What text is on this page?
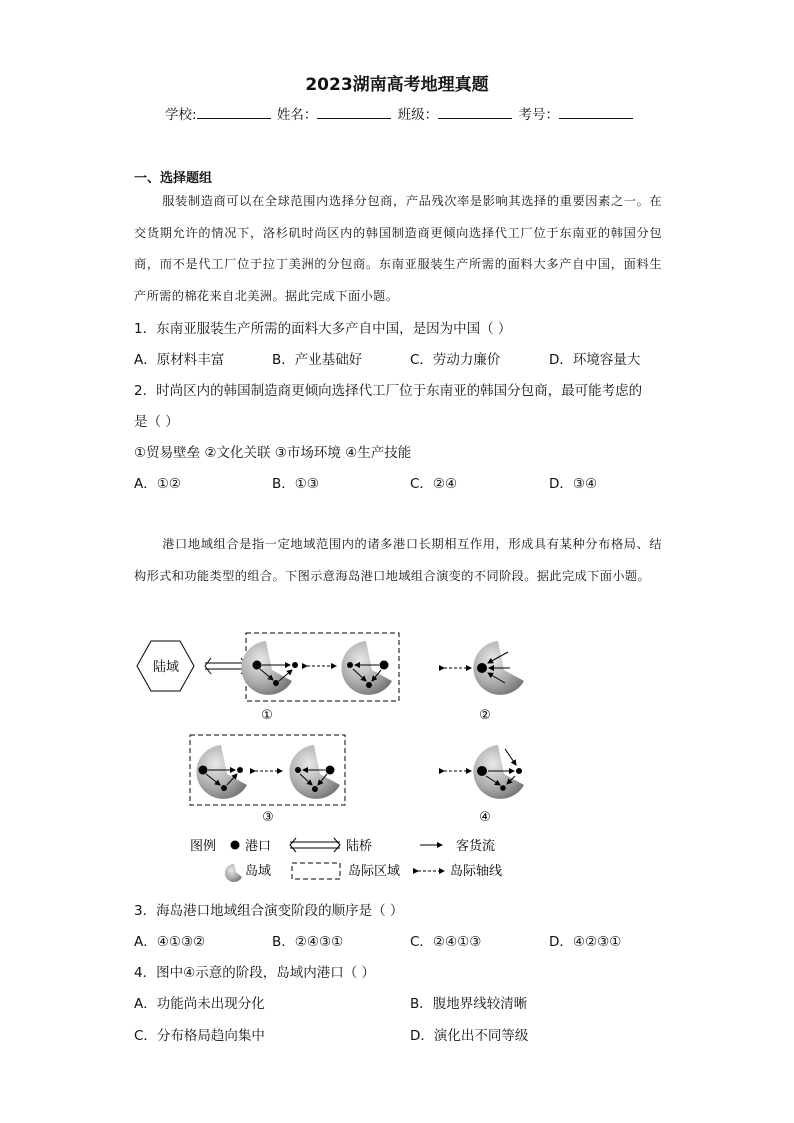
2023湖南高考地理真题
学校:	姓名：	班级：	考号：
一、选择题组
服装制造商可以在全球范围内选择分包商，产品残次率是影响其选择的重要因素之一。在交货期允许的情况下，洛杉矶时尚区内的韩国制造商更倾向选择代工厂位于东南亚的韩国分包商，而不是代工厂位于拉丁美洲的分包商。东南亚服装生产所需的面料大多产自中国，面料生产所需的棉花来自北美洲。据此完成下面小题。
1．东南亚服装生产所需的面料大多产自中国，是因为中国（ ）
A．原材料丰富	B．产业基础好	C．劳动力廉价	D．环境容量大
2．时尚区内的韩国制造商更倾向选择代工厂位于东南亚的韩国分包商，最可能考虑的
是（ ）
①贸易壁垒 ②文化关联 ③市场环境 ④生产技能
A．①②	B．①③	C．②④	D．③④
港口地域组合是指一定地域范围内的诸多港口长期相互作用，形成具有某种分布格局、结构形式和功能类型的组合。下图示意海岛港口地域组合演变的不同阶段。据此完成下面小题。
陆域
①	②
③	④
图例 港口	陆桥	客货流
岛域	岛际区域	岛际轴线
3．海岛港口地域组合演变阶段的顺序是（ ）
A．④①③②	B．②④③①	C．②④①③	D．④②③①
4．图中④示意的阶段，岛域内港口（ ）
A．功能尚未出现分化	B．腹地界线较清晰
C．分布格局趋向集中	D．演化出不同等级
